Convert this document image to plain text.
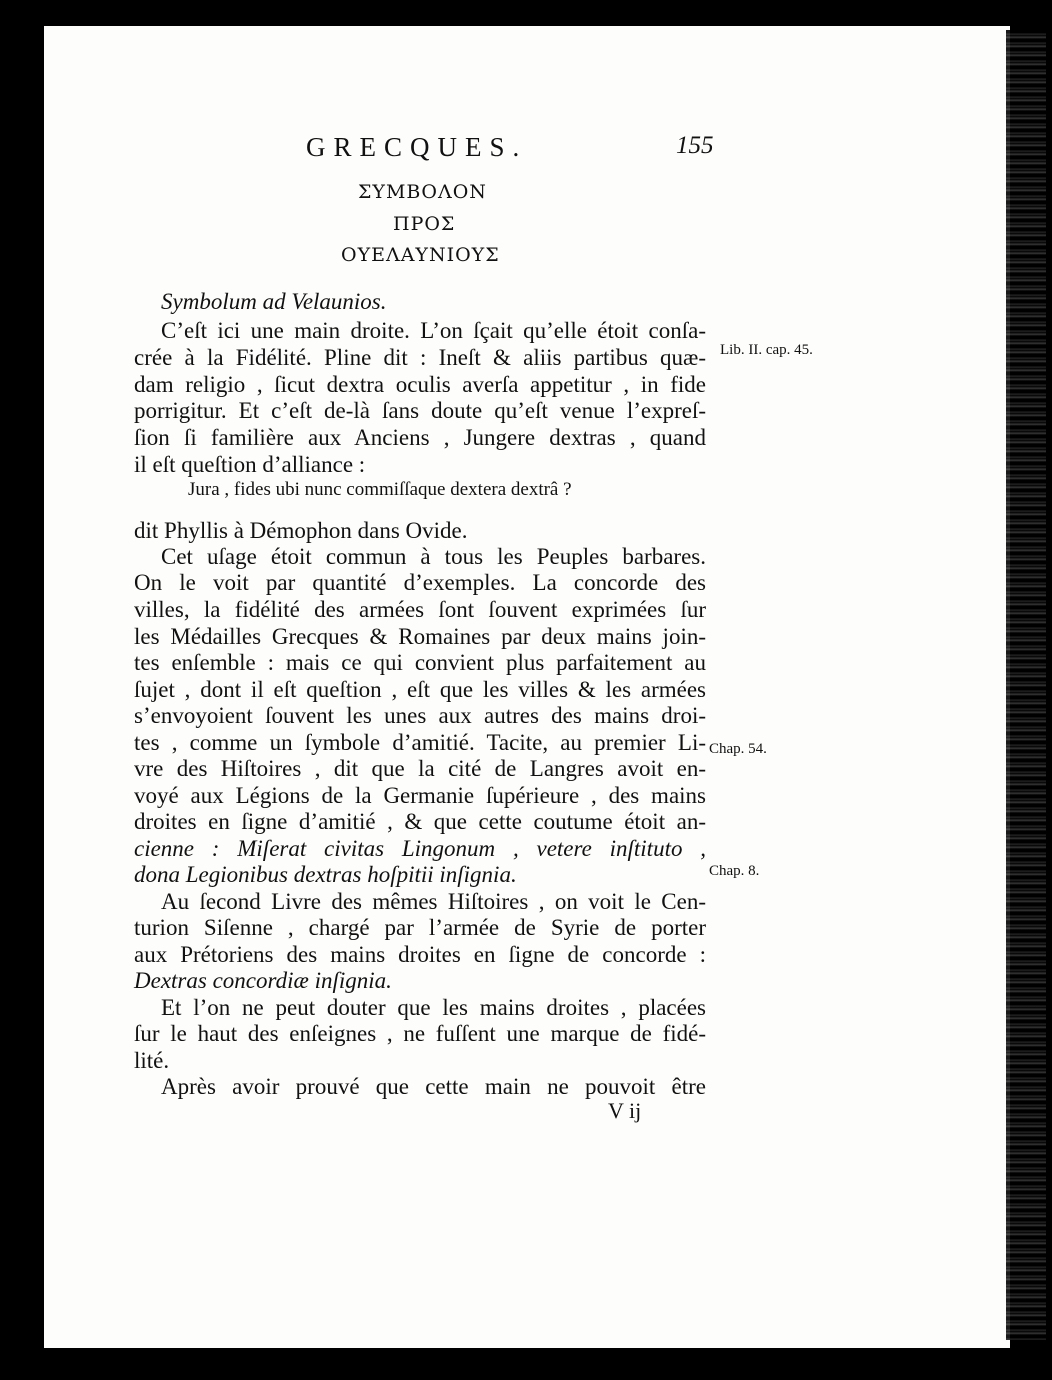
GRECQUES.	155
ΣΥΜΒΟΛΟΝ
ΠΡΟΣ
ΟΥΕΛΑΥΝΙΟΥΣ
Symbolum ad Velaunios.
C’eſt ici une main droite. L’on ſçait qu’elle étoit conſa-
crée à la Fidélité. Pline dit : Ineſt & aliis partibus quæ-
dam religio , ſicut dextra oculis averſa appetitur , in fide
porrigitur. Et c’eſt de-là ſans doute qu’eſt venue l’expreſ-
ſion ſi familière aux Anciens , Jungere dextras , quand
il eſt queſtion d’alliance :
Jura , fides ubi nunc commiſſaque dextera dextrâ ?
dit Phyllis à Démophon dans Ovide.
Cet uſage étoit commun à tous les Peuples barbares.
On le voit par quantité d’exemples. La concorde des
villes, la fidélité des armées ſont ſouvent exprimées ſur
les Médailles Grecques & Romaines par deux mains join-
tes enſemble : mais ce qui convient plus parfaitement au
ſujet , dont il eſt queſtion , eſt que les villes & les armées
s’envoyoient ſouvent les unes aux autres des mains droi-
tes , comme un ſymbole d’amitié. Tacite, au premier Li-
vre des Hiſtoires , dit que la cité de Langres avoit en-
voyé aux Légions de la Germanie ſupérieure , des mains
droites en ſigne d’amitié , & que cette coutume étoit an-
cienne : Miſerat civitas Lingonum , vetere inſtituto ,
dona Legionibus dextras hoſpitii inſignia.
Au ſecond Livre des mêmes Hiſtoires , on voit le Cen-
turion Siſenne , chargé par l’armée de Syrie de porter
aux Prétoriens des mains droites en ſigne de concorde :
Dextras concordiæ inſignia.
Et l’on ne peut douter que les mains droites , placées
ſur le haut des enſeignes , ne fuſſent une marque de fidé-
lité.
Après avoir prouvé que cette main ne pouvoit être
Lib. II. cap. 45.
Chap. 54.
Chap. 8.
V ij
